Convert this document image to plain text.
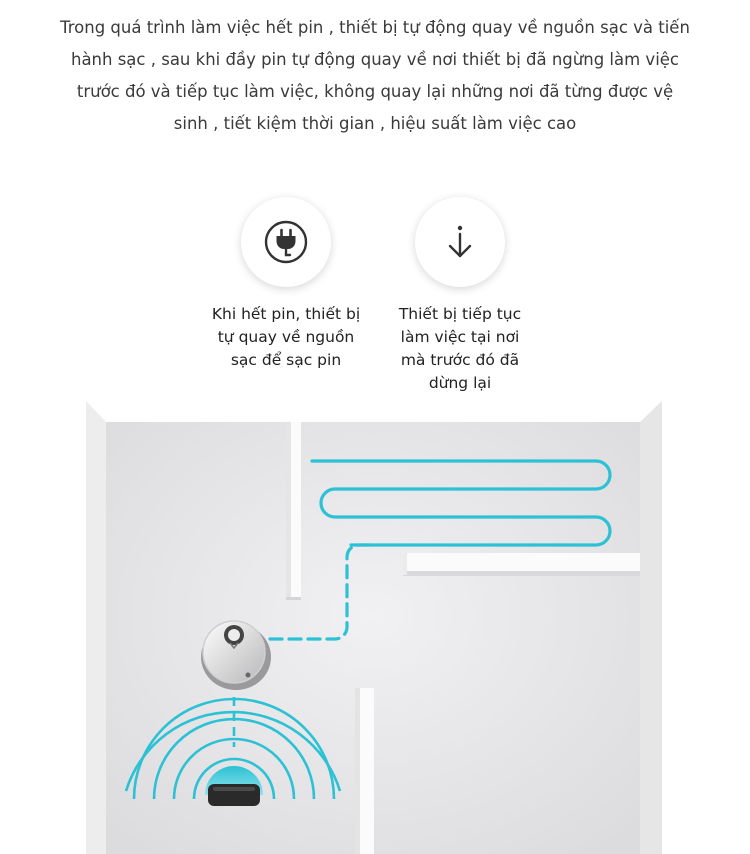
Trong quá trình làm việc hết pin , thiết bị tự động quay về nguồn sạc và tiến hành sạc , sau khi đầy pin tự động quay về nơi thiết bị đã ngừng làm việc trước đó và tiếp tục làm việc, không quay lại những nơi đã từng được vệ sinh , tiết kiệm thời gian , hiệu suất làm việc cao

Khi hết pin, thiết bị
tự quay về nguồn
sạc để sạc pin
Thiết bị tiếp tục
làm việc tại nơi
mà trước đó đã
dừng lại
